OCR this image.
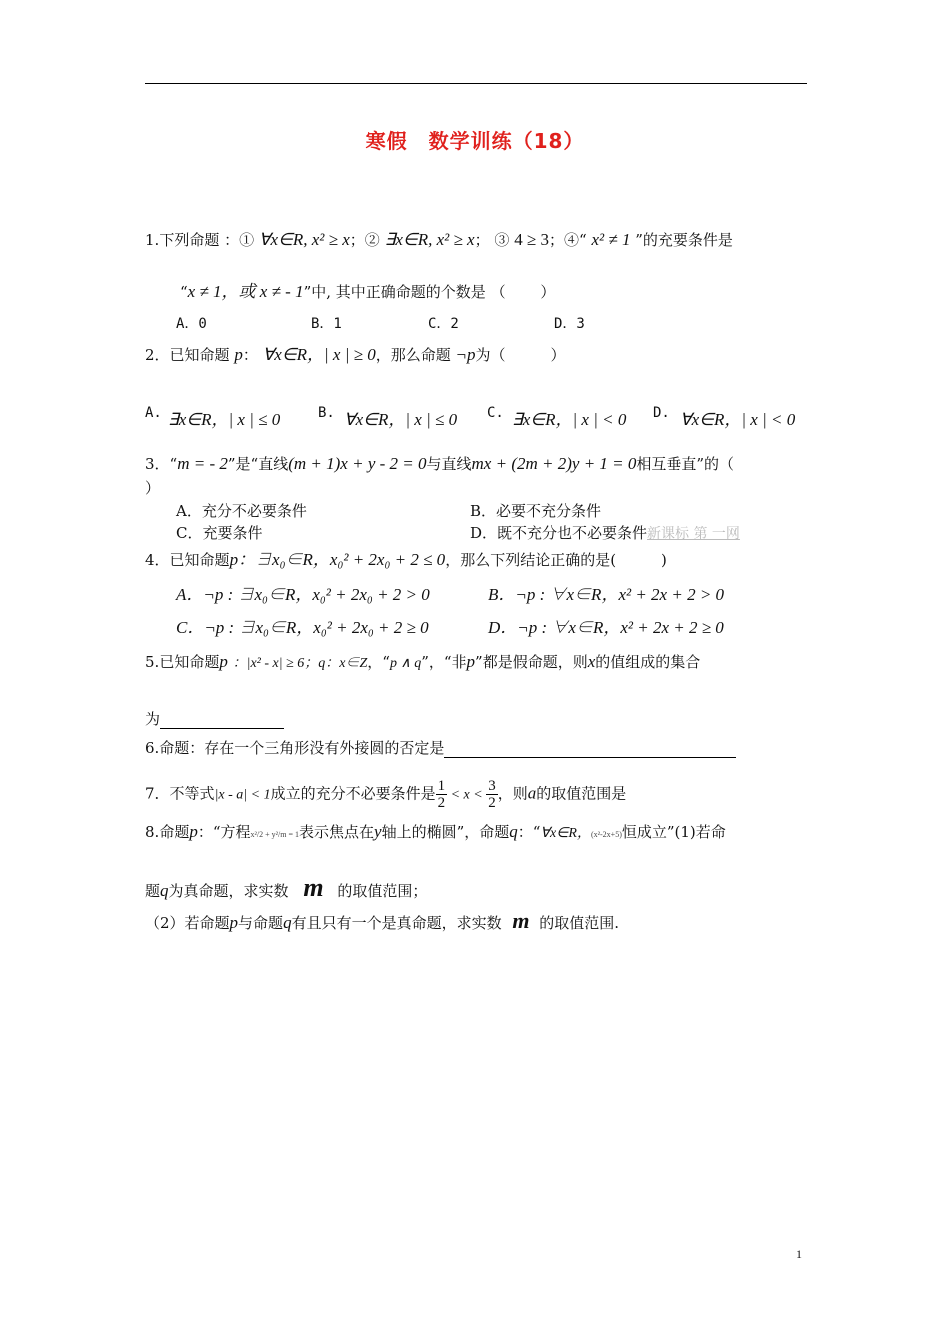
寒假　数学训练（18）
1.下列命题 ：① ∀x∈R, x² ≥ x；② ∃x∈R, x² ≥ x； ③ 4 ≥ 3；④“ x² ≠ 1 ”的充要条件是
“x ≠ 1，或 x ≠ - 1”中, 其中正确命题的个数是 （　　 ）
A．0	B．1	C．2	D．3
2．已知命题 p： ∀x∈R，| x | ≥ 0，那么命题 ¬p为（　　　）
A. ∃x∈R，| x | ≤ 0	B. ∀x∈R，| x | ≤ 0 C. ∃x∈R，| x | < 0 D. ∀x∈R，| x | < 0
3．“m = - 2”是“直线(m + 1)x + y - 2 = 0与直线mx + (2m + 2)y + 1 = 0相互垂直”的（
）
A．充分不必要条件	B．必要不充分条件
C．充要条件	D．既不充分也不必要条件新课标 第 一网
4．已知命题p：∃x₀∈R，x₀² + 2x₀ + 2 ≤ 0，那么下列结论正确的是(　　　)
A．¬p : ∃x₀∈R，x₀² + 2x₀ + 2 > 0	B．¬p : ∀x∈R，x² + 2x + 2 > 0
C．¬p : ∃x₀∈R，x₀² + 2x₀ + 2 ≥ 0	D．¬p : ∀x∈R，x² + 2x + 2 ≥ 0
5.已知命题p ：|x² - x| ≥ 6；q：x∈Z，“p ∧ q”，“非p”都是假命题，则x的值组成的集合
为
6.命题：存在一个三角形没有外接圆的否定是
7．不等式|x - a| < 1成立的充分不必要条件是 $\frac{1}{2} < x < \frac{3}{2}$ ，则a的取值范围是
8.命题p：“方程x²/2 + y²/m = 1表示焦点在y轴上的椭圆”，命题q：“∀x∈R，(x²-2x+5)恒成立”(1)若命
题q为真命题，求实数 m 的取值范围；
（2）若命题p与命题q有且只有一个是真命题，求实数 m 的取值范围.
1
